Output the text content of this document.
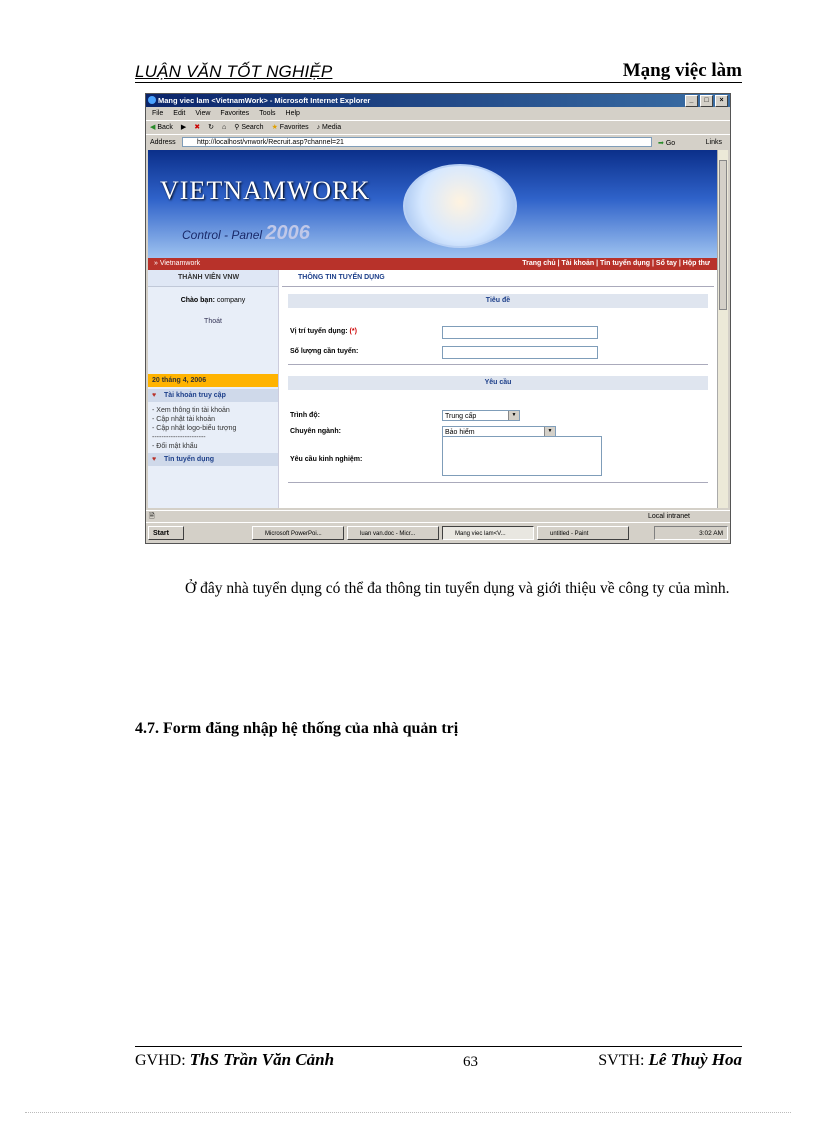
LUẬN VĂN TỐT NGHIỆP	Mạng việc làm
Mang viec lam <VietnamWork> - Microsoft Internet Explorer	_	□	×
File Edit View Favorites Tools Help
◀ Back ▶ ✖ ↻ ⌂ ⚲ Search ★ Favorites ♪ Media
Address	http://localhost/vnwork/Recruit.asp?channel=21	➡ Go	Links
VIETNAMWORK
Control - Panel 2006
» Vietnamwork	Trang chủ | Tài khoản | Tin tuyển dụng | Sổ tay | Hộp thư
THÀNH VIÊN VNW
Chào bạn: company
Thoát
20 tháng 4, 2006
♥ Tài khoản truy cập
- Xem thông tin tài khoản
- Cập nhật tài khoản
- Cập nhật logo-biểu tượng
-----------------------
- Đổi mật khẩu
♥ Tin tuyển dụng
THÔNG TIN TUYỂN DỤNG
Tiêu đề
Vị trí tuyển dụng: (*)
Số lượng cần tuyển:
Yêu cầu
Trình độ:	Trung cấp	▼
Chuyên ngành:	Bảo hiểm	▼
Yêu cầu kinh nghiệm:
🗎	Local intranet
Start	Microsoft PowerPoi...	luan van.doc - Micr...	Mang viec lam<V...	untitled - Paint	3:02 AM
Ở đây nhà tuyển dụng có thể đa thông tin tuyển dụng và giới thiệu về công ty của mình.
4.7. Form đăng nhập hệ thống của nhà quản trị
GVHD: ThS Trần Văn Cảnh	63	SVTH: Lê Thuỳ Hoa
